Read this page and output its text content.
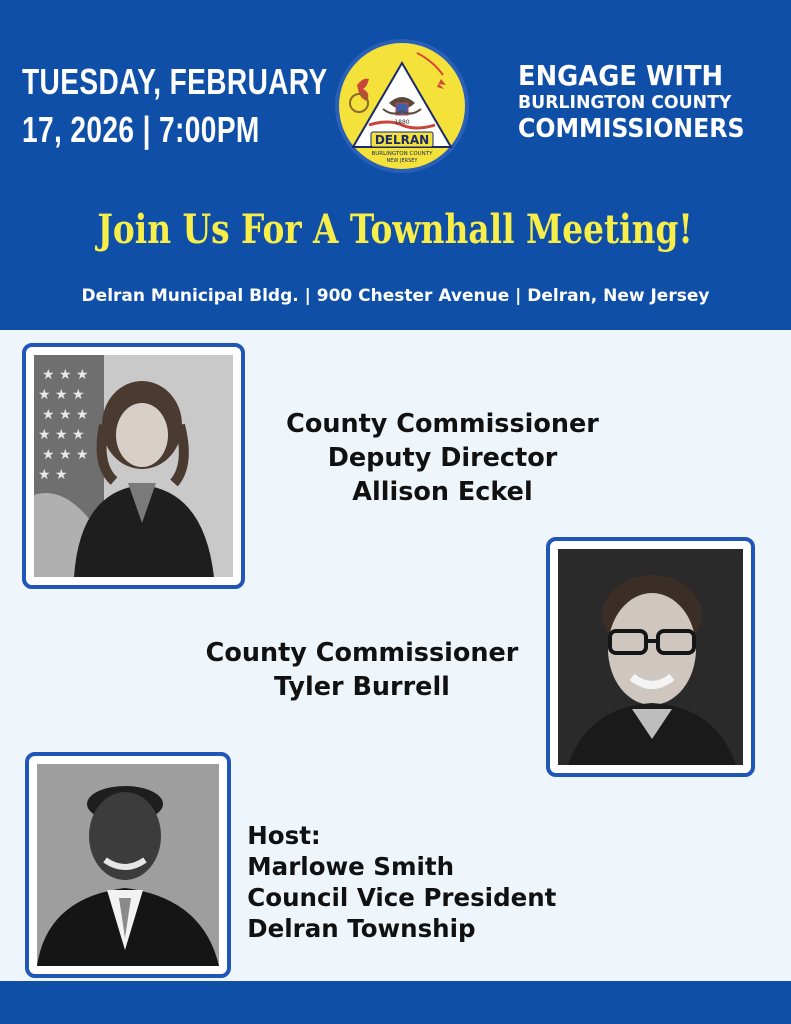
TUESDAY, FEBRUARY
17, 2026 | 7:00PM	1880
DELRAN
BURLINGTON COUNTY
NEW JERSEY
ENGAGE WITH
BURLINGTON COUNTY
COMMISSIONERS
Join Us For A Townhall Meeting!
Delran Municipal Bldg. | 900 Chester Avenue | Delran, New Jersey
★ ★ ★
★ ★ ★
★ ★ ★
★ ★ ★
★ ★ ★
★ ★
County Commissioner
Deputy Director
Allison Eckel
County Commissioner
Tyler Burrell
Host:
Marlowe Smith
Council Vice President
Delran Township
